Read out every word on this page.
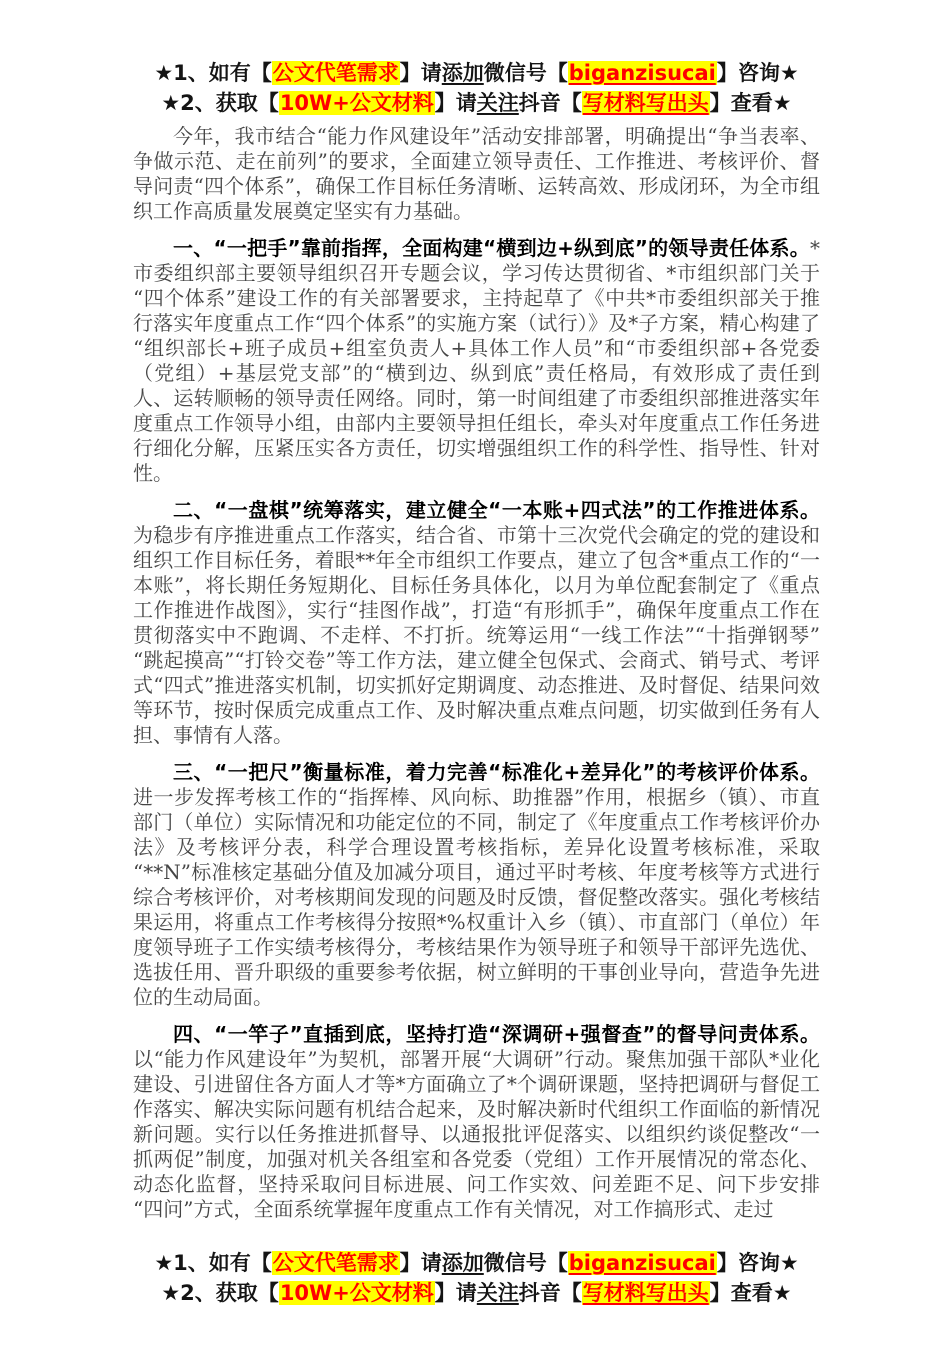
★1、如有【公文代笔需求】请添加微信号【biganzisucai】咨询★

★2、获取【10W+公文材料】请关注抖音【写材料写出头】查看★

今年，我市结合“能力作风建设年”活动安排部署，明确提出“争当表率、争做示范、走在前列”的要求，全面建立领导责任、工作推进、考核评价、督导问责“四个体系”，确保工作目标任务清晰、运转高效、形成闭环，为全市组织工作高质量发展奠定坚实有力基础。

一、“一把手”靠前指挥，全面构建“横到边+纵到底”的领导责任体系。*市委组织部主要领导组织召开专题会议，学习传达贯彻省、*市组织部门关于“四个体系”建设工作的有关部署要求，主持起草了《中共*市委组织部关于推行落实年度重点工作“四个体系”的实施方案（试行）》及*子方案，精心构建了“组织部长+班子成员+组室负责人+具体工作人员”和“市委组织部+各党委（党组）+基层党支部”的“横到边、纵到底”责任格局，有效形成了责任到人、运转顺畅的领导责任网络。同时，第一时间组建了市委组织部推进落实年度重点工作领导小组，由部内主要领导担任组长，牵头对年度重点工作任务进行细化分解，压紧压实各方责任，切实增强组织工作的科学性、指导性、针对性。

二、“一盘棋”统筹落实，建立健全“一本账+四式法”的工作推进体系。为稳步有序推进重点工作落实，结合省、市第十三次党代会确定的党的建设和组织工作目标任务，着眼**年全市组织工作要点，建立了包含*重点工作的“一本账”，将长期任务短期化、目标任务具体化，以月为单位配套制定了《重点工作推进作战图》，实行“挂图作战”，打造“有形抓手”，确保年度重点工作在贯彻落实中不跑调、不走样、不打折。统筹运用“一线工作法”“十指弹钢琴”“跳起摸高”“打铃交卷”等工作方法，建立健全包保式、会商式、销号式、考评式“四式”推进落实机制，切实抓好定期调度、动态推进、及时督促、结果问效等环节，按时保质完成重点工作、及时解决重点难点问题，切实做到任务有人担、事情有人落。

三、“一把尺”衡量标准，着力完善“标准化+差异化”的考核评价体系。进一步发挥考核工作的“指挥棒、风向标、助推器”作用，根据乡（镇）、市直部门（单位）实际情况和功能定位的不同，制定了《年度重点工作考核评价办法》及考核评分表，科学合理设置考核指标，差异化设置考核标准，采取“**N”标准核定基础分值及加减分项目，通过平时考核、年度考核等方式进行综合考核评价，对考核期间发现的问题及时反馈，督促整改落实。强化考核结果运用，将重点工作考核得分按照*%权重计入乡（镇）、市直部门（单位）年度领导班子工作实绩考核得分，考核结果作为领导班子和领导干部评先选优、选拔任用、晋升职级的重要参考依据，树立鲜明的干事创业导向，营造争先进位的生动局面。

四、“一竿子”直插到底，坚持打造“深调研+强督查”的督导问责体系。以“能力作风建设年”为契机，部署开展“大调研”行动。聚焦加强干部队*业化建设、引进留住各方面人才等*方面确立了*个调研课题，坚持把调研与督促工作落实、解决实际问题有机结合起来，及时解决新时代组织工作面临的新情况新问题。实行以任务推进抓督导、以通报批评促落实、以组织约谈促整改“一抓两促”制度，加强对机关各组室和各党委（党组）工作开展情况的常态化、动态化监督，坚持采取问目标进展、问工作实效、问差距不足、问下步安排“四问”方式，全面系统掌握年度重点工作有关情况，对工作搞形式、走过

★1、如有【公文代笔需求】请添加微信号【biganzisucai】咨询★

★2、获取【10W+公文材料】请关注抖音【写材料写出头】查看★
